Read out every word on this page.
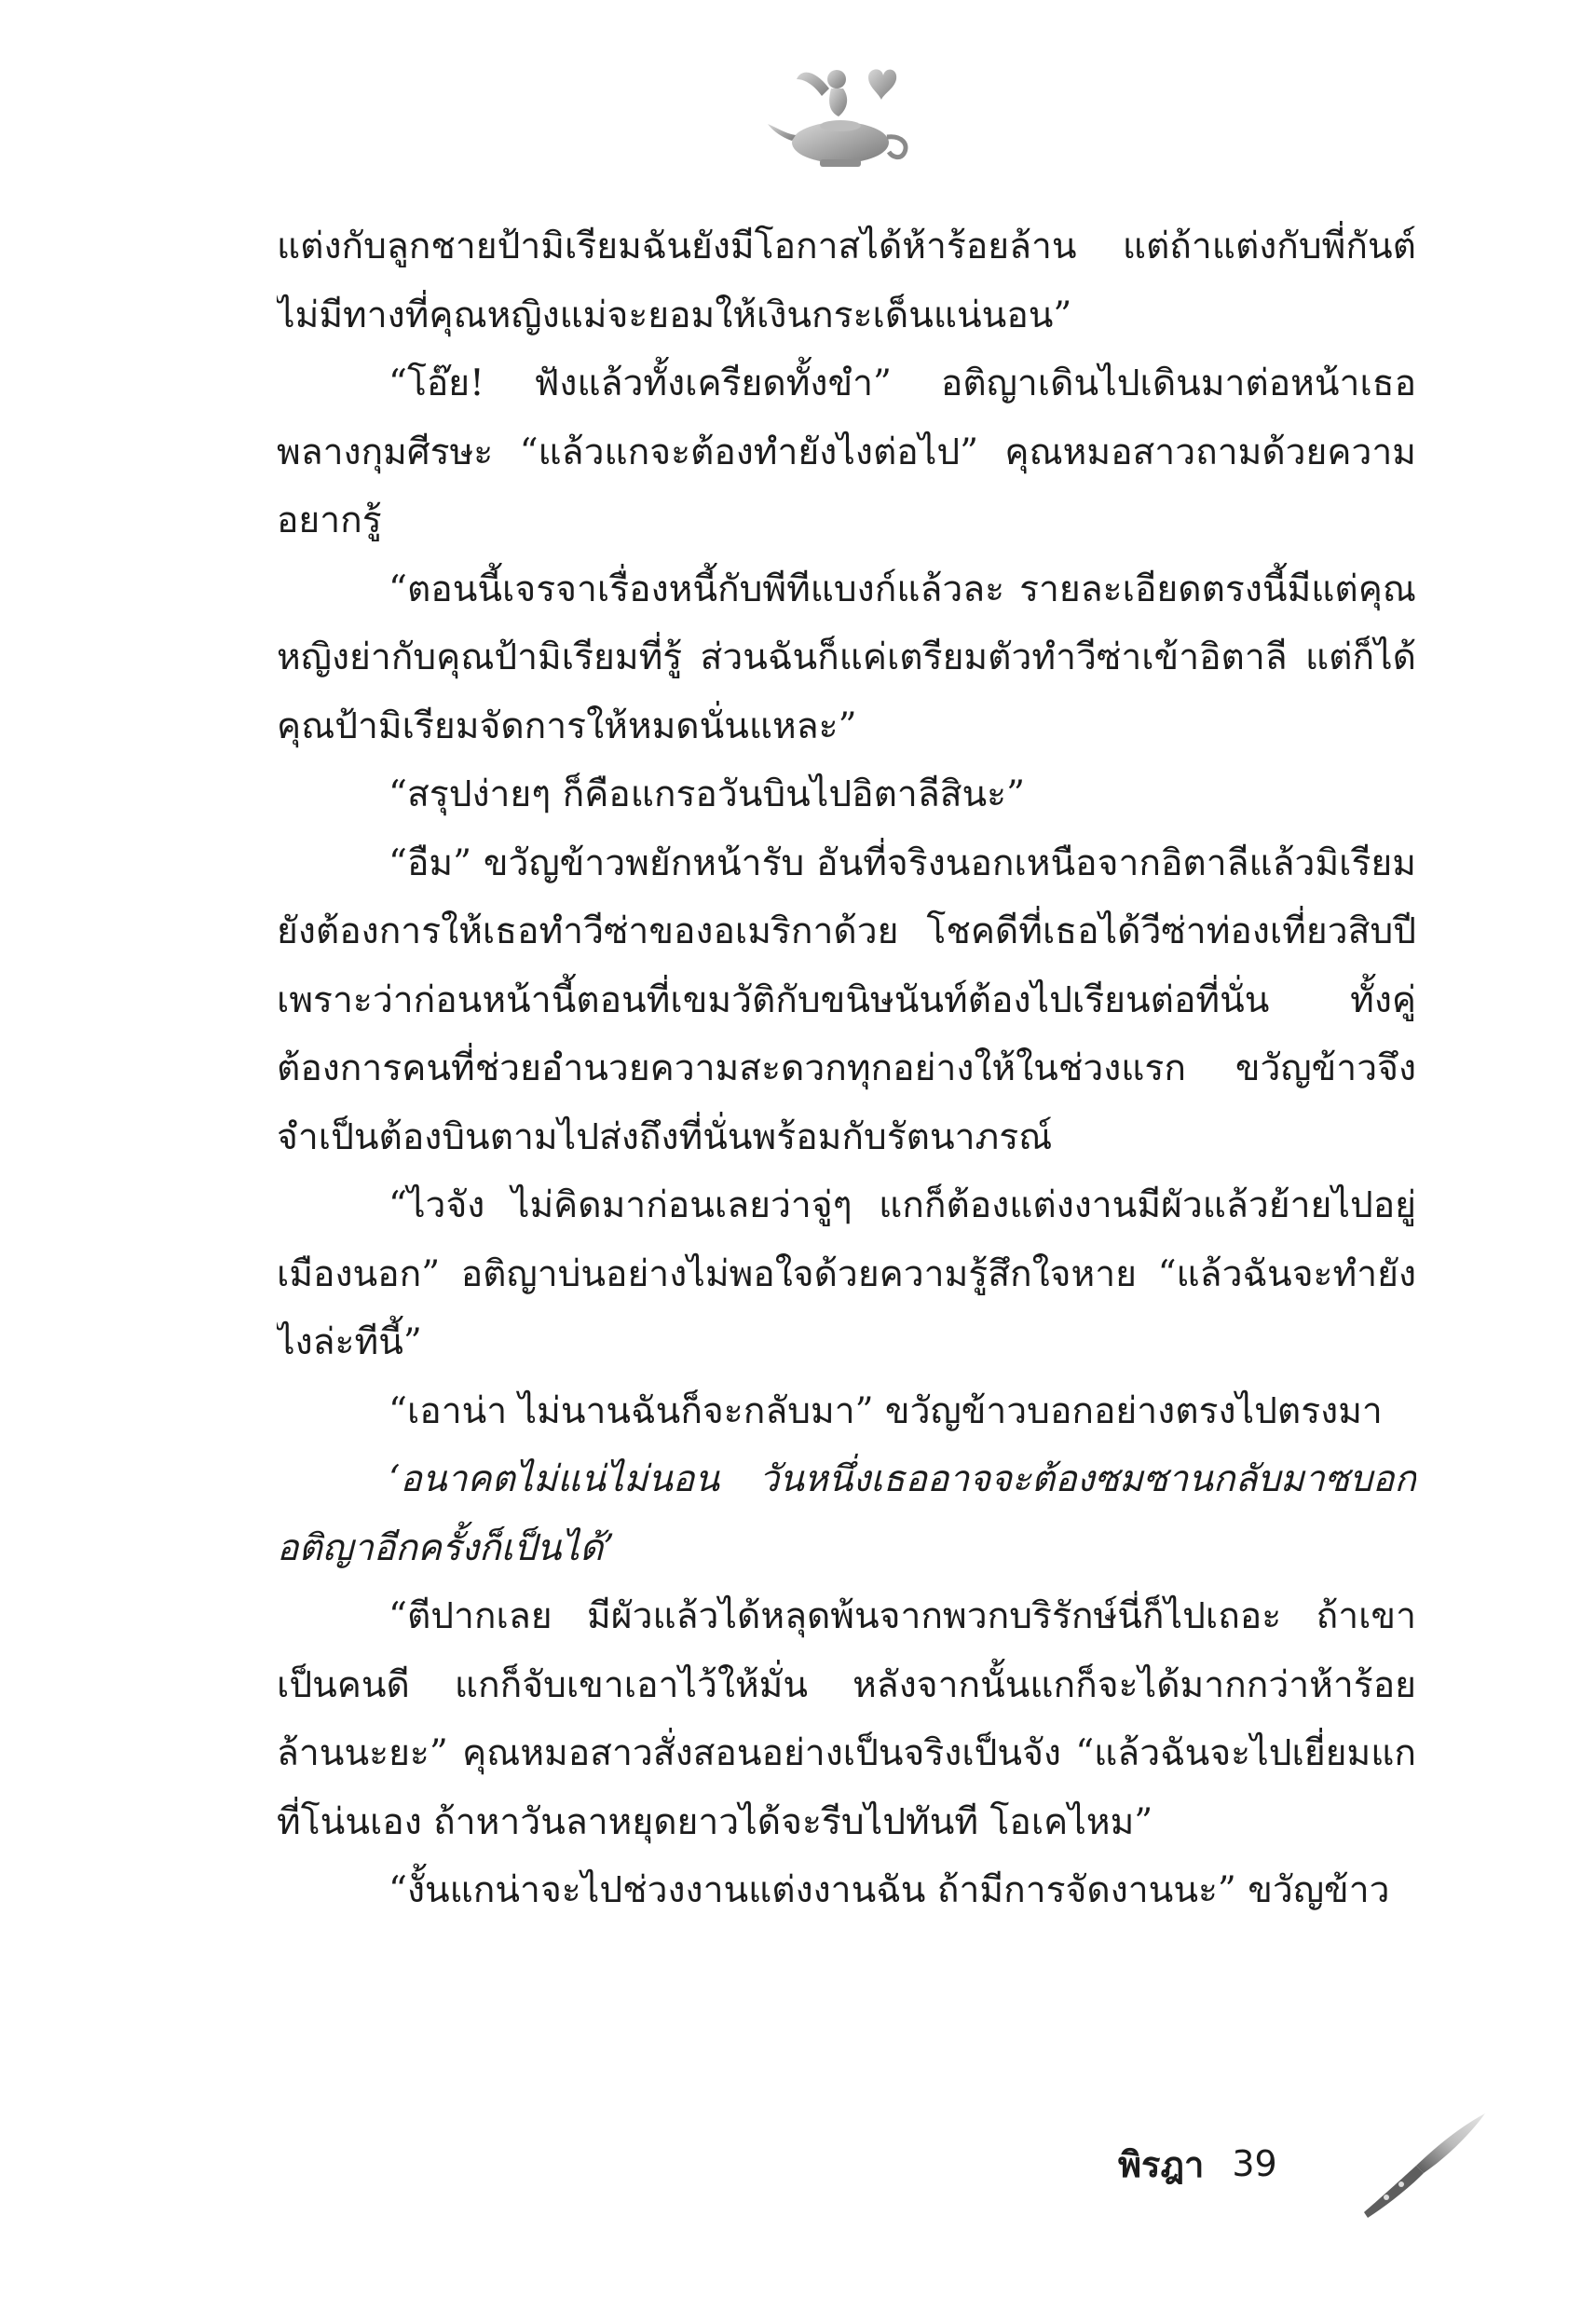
แต่งกับลูกชายป้ามิเรียมฉันยังมีโอกาสได้ห้าร้อยล้าน แต่ถ้าแต่งกับพี่กันต์ ไม่มีทางที่คุณหญิงแม่จะยอมให้เงินกระเด็นแน่นอน”

“โอ๊ย! ฟังแล้วทั้งเครียดทั้งขำ” อติญาเดินไปเดินมาต่อหน้าเธอพลางกุมศีรษะ “แล้วแกจะต้องทำยังไงต่อไป” คุณหมอสาวถามด้วยความอยากรู้

“ตอนนี้เจรจาเรื่องหนี้กับพีทีแบงก์แล้วละ รายละเอียดตรงนี้มีแต่คุณหญิงย่ากับคุณป้ามิเรียมที่รู้ ส่วนฉันก็แค่เตรียมตัวทำวีซ่าเข้าอิตาลี แต่ก็ได้คุณป้ามิเรียมจัดการให้หมดนั่นแหละ”

“สรุปง่ายๆ ก็คือแกรอวันบินไปอิตาลีสินะ”

“อืม” ขวัญข้าวพยักหน้ารับ อันที่จริงนอกเหนือจากอิตาลีแล้วมิเรียมยังต้องการให้เธอทำวีซ่าของอเมริกาด้วย โชคดีที่เธอได้วีซ่าท่องเที่ยวสิบปี เพราะว่าก่อนหน้านี้ตอนที่เขมวัติกับขนิษนันท์ต้องไปเรียนต่อที่นั่น ทั้งคู่ต้องการคนที่ช่วยอำนวยความสะดวกทุกอย่างให้ในช่วงแรก ขวัญข้าวจึงจำเป็นต้องบินตามไปส่งถึงที่นั่นพร้อมกับรัตนาภรณ์

“ไวจัง ไม่คิดมาก่อนเลยว่าจู่ๆ แกก็ต้องแต่งงานมีผัวแล้วย้ายไปอยู่เมืองนอก” อติญาบ่นอย่างไม่พอใจด้วยความรู้สึกใจหาย “แล้วฉันจะทำยังไงล่ะทีนี้”

“เอาน่า ไม่นานฉันก็จะกลับมา” ขวัญข้าวบอกอย่างตรงไปตรงมา

‘อนาคตไม่แน่ไม่นอน วันหนึ่งเธออาจจะต้องซมซานกลับมาซบอกอติญาอีกครั้งก็เป็นได้’

“ตีปากเลย มีผัวแล้วได้หลุดพ้นจากพวกบริรักษ์นี่ก็ไปเถอะ ถ้าเขาเป็นคนดี แกก็จับเขาเอาไว้ให้มั่น หลังจากนั้นแกก็จะได้มากกว่าห้าร้อยล้านนะยะ” คุณหมอสาวสั่งสอนอย่างเป็นจริงเป็นจัง “แล้วฉันจะไปเยี่ยมแกที่โน่นเอง ถ้าหาวันลาหยุดยาวได้จะรีบไปทันที โอเคไหม”

“งั้นแกน่าจะไปช่วงงานแต่งงานฉัน ถ้ามีการจัดงานนะ” ขวัญข้าว

พิรฎา 39
